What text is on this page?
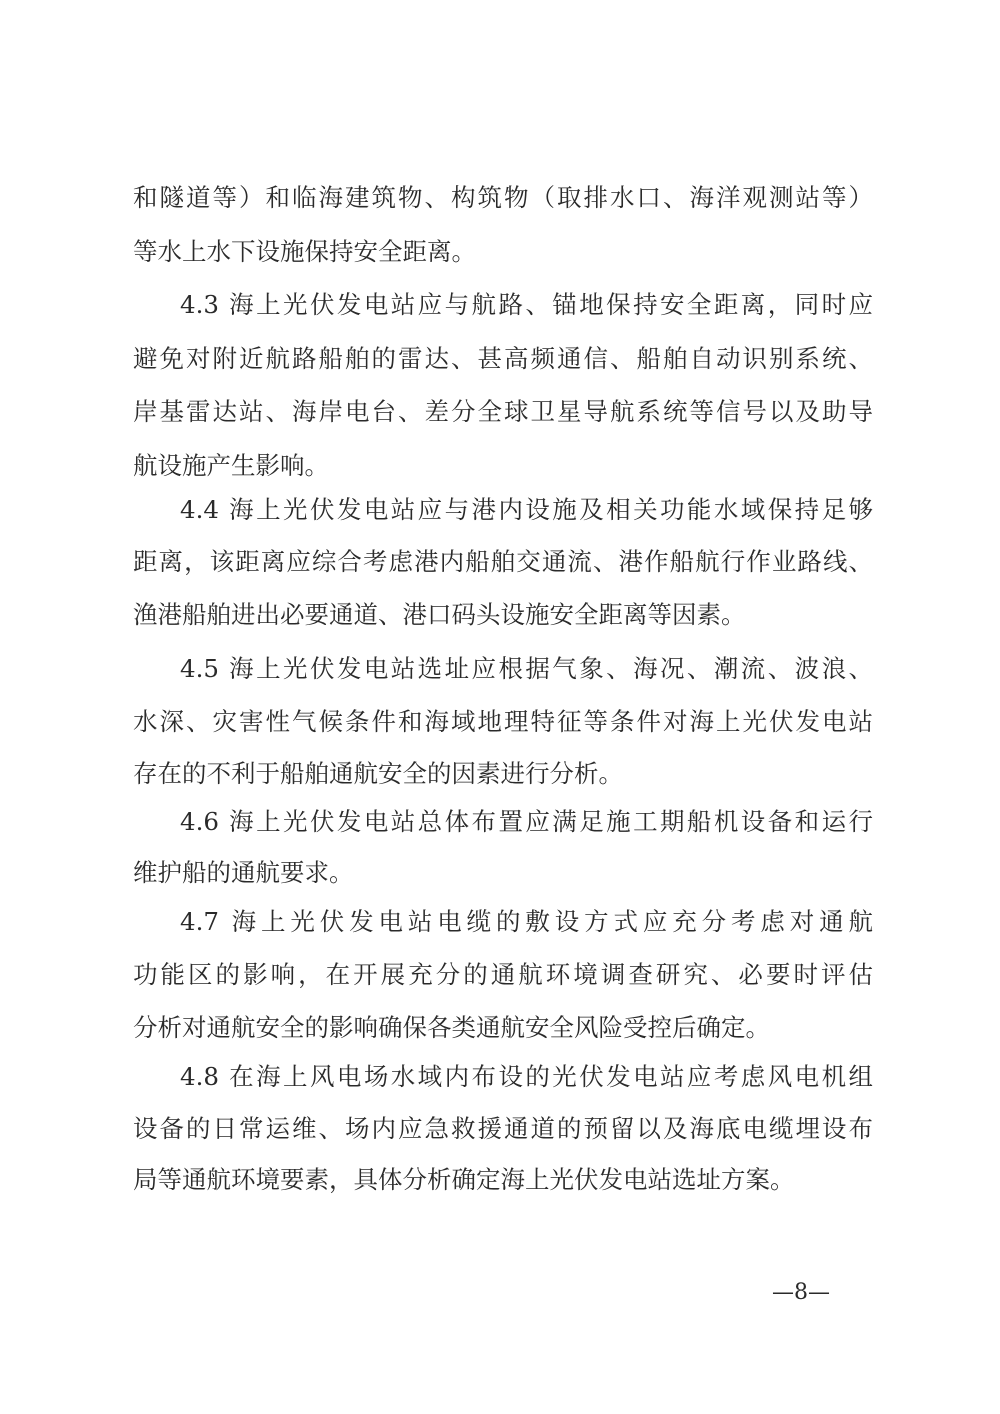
和隧道等）和临海建筑物、构筑物（取排水口、海洋观测站等）
等水上水下设施保持安全距离。
4.3 海上光伏发电站应与航路、锚地保持安全距离，同时应
避免对附近航路船舶的雷达、甚高频通信、船舶自动识别系统、
岸基雷达站、海岸电台、差分全球卫星导航系统等信号以及助导
航设施产生影响。
4.4 海上光伏发电站应与港内设施及相关功能水域保持足够
距离，该距离应综合考虑港内船舶交通流、港作船航行作业路线、
渔港船舶进出必要通道、港口码头设施安全距离等因素。
4.5 海上光伏发电站选址应根据气象、海况、潮流、波浪、
水深、灾害性气候条件和海域地理特征等条件对海上光伏发电站
存在的不利于船舶通航安全的因素进行分析。
4.6 海上光伏发电站总体布置应满足施工期船机设备和运行
维护船的通航要求。
4.7 海上光伏发电站电缆的敷设方式应充分考虑对通航
功能区的影响，在开展充分的通航环境调查研究、必要时评估
分析对通航安全的影响确保各类通航安全风险受控后确定。
4.8 在海上风电场水域内布设的光伏发电站应考虑风电机组
设备的日常运维、场内应急救援通道的预留以及海底电缆埋设布
局等通航环境要素，具体分析确定海上光伏发电站选址方案。
—8—
